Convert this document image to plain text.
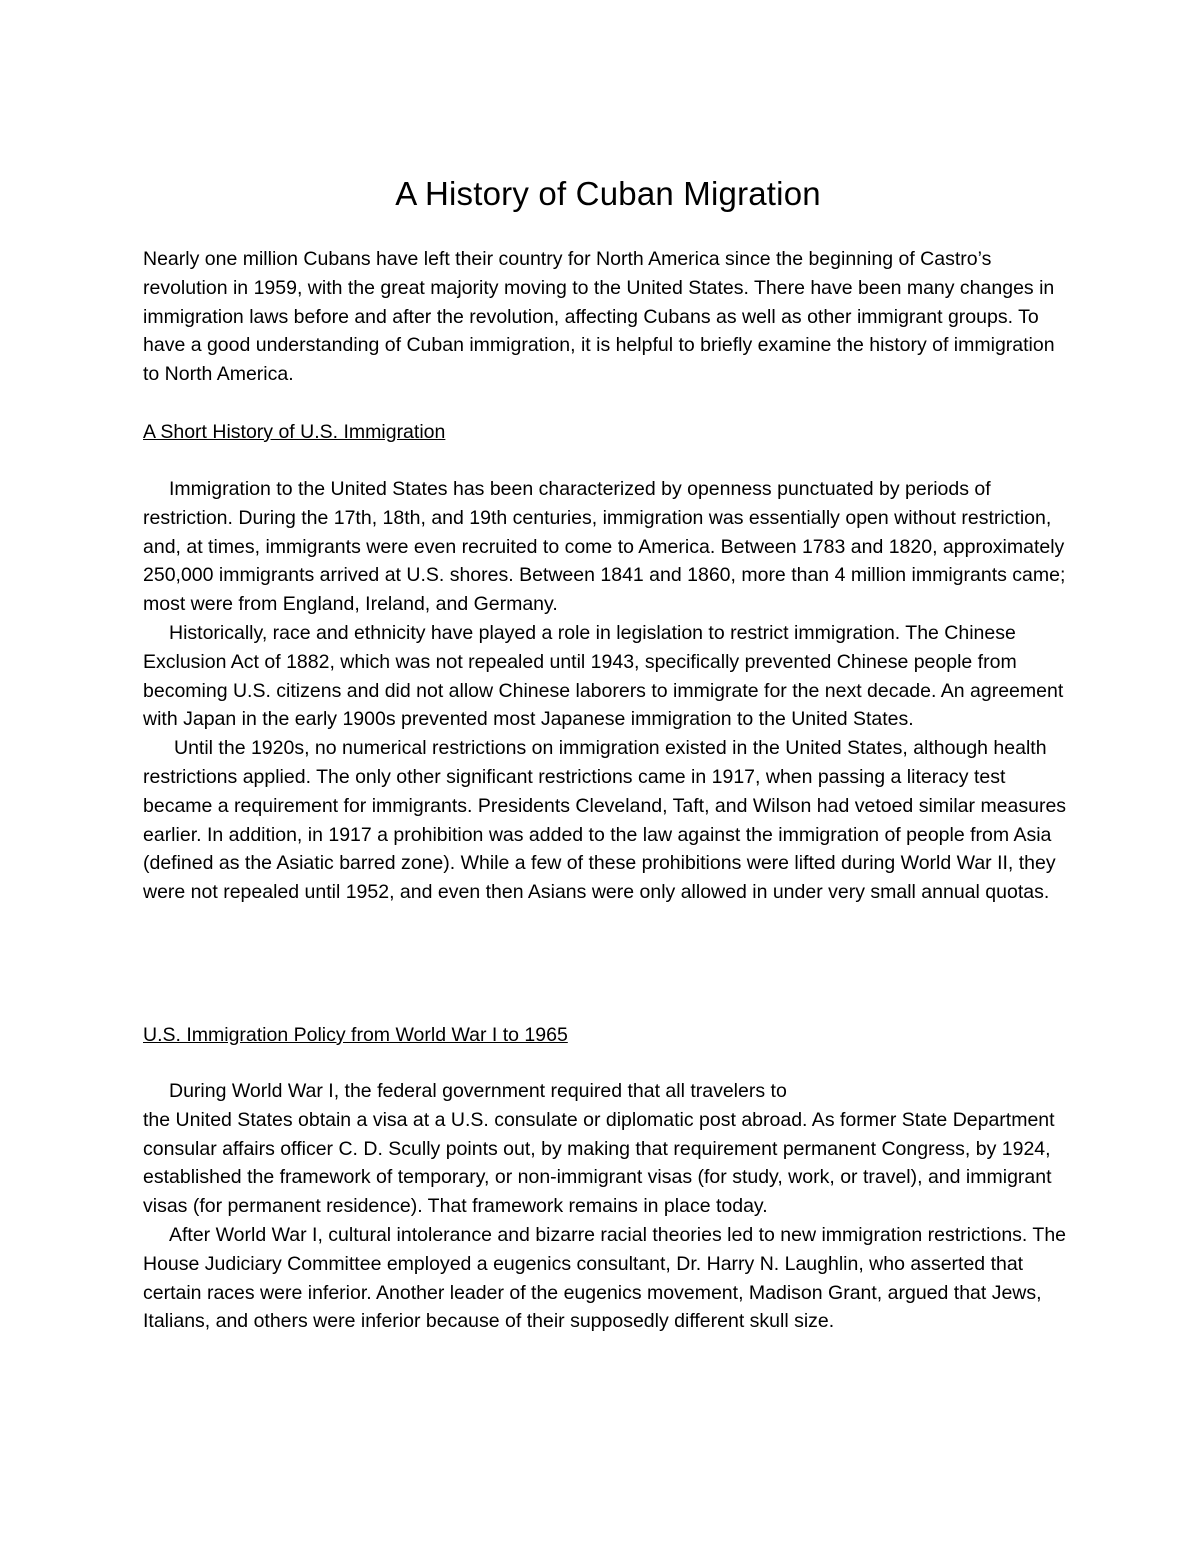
A History of Cuban Migration

Nearly one million Cubans have left their country for North America since the beginning of Castro’s revolution in 1959, with the great majority moving to the United States. There have been many changes in immigration laws before and after the revolution, affecting Cubans as well as other immigrant groups. To have a good understanding of Cuban immigration, it is helpful to briefly examine the history of immigration to North America.

A Short History of U.S. Immigration

Immigration to the United States has been characterized by openness punctuated by periods of restriction. During the 17th, 18th, and 19th centuries, immigration was essentially open without restriction, and, at times, immigrants were even recruited to come to America. Between 1783 and 1820, approximately 250,000 immigrants arrived at U.S. shores. Between 1841 and 1860, more than 4 million immigrants came; most were from England, Ireland, and Germany.

Historically, race and ethnicity have played a role in legislation to restrict immigration. The Chinese Exclusion Act of 1882, which was not repealed until 1943, specifically prevented Chinese people from becoming U.S. citizens and did not allow Chinese laborers to immigrate for the next decade. An agreement with Japan in the early 1900s prevented most Japanese immigration to the United States.

Until the 1920s, no numerical restrictions on immigration existed in the United States, although health restrictions applied. The only other significant restrictions came in 1917, when passing a literacy test became a requirement for immigrants. Presidents Cleveland, Taft, and Wilson had vetoed similar measures earlier. In addition, in 1917 a prohibition was added to the law against the immigration of people from Asia (defined as the Asiatic barred zone). While a few of these prohibitions were lifted during World War II, they were not repealed until 1952, and even then Asians were only allowed in under very small annual quotas.

U.S. Immigration Policy from World War I to 1965

During World War I, the federal government required that all travelers to

the United States obtain a visa at a U.S. consulate or diplomatic post abroad. As former State Department consular affairs officer C. D. Scully points out, by making that requirement permanent Congress, by 1924, established the framework of temporary, or non-immigrant visas (for study, work, or travel), and immigrant visas (for permanent residence). That framework remains in place today.

After World War I, cultural intolerance and bizarre racial theories led to new immigration restrictions. The House Judiciary Committee employed a eugenics consultant, Dr. Harry N. Laughlin, who asserted that certain races were inferior. Another leader of the eugenics movement, Madison Grant, argued that Jews, Italians, and others were inferior because of their supposedly different skull size.
